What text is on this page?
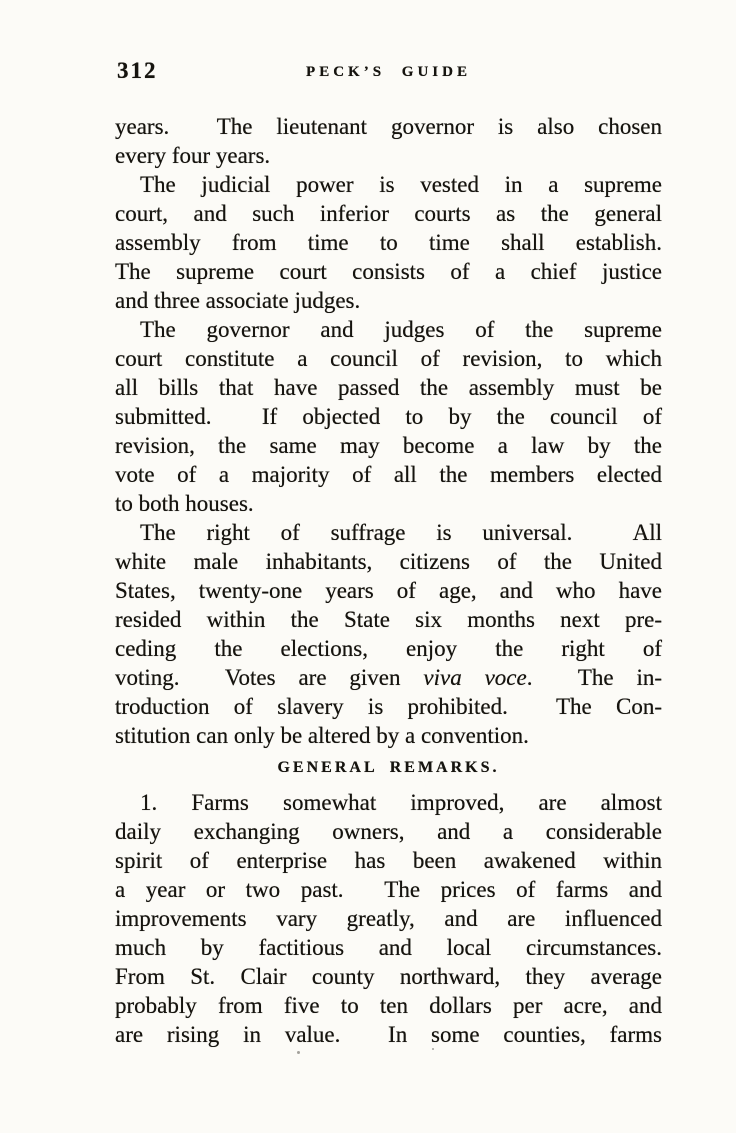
312	PECK’S GUIDE
years.  The lieutenant governor is also chosen
every four years.
The judicial power is vested in a supreme
court, and such inferior courts as the general
assembly from time to time shall establish.
The supreme court consists of a chief justice
and three associate judges.
The governor and judges of the supreme
court constitute a council of revision, to which
all bills that have passed the assembly must be
submitted.  If objected to by the council of
revision, the same may become a law by the
vote of a majority of all the members elected
to both houses.
The right of suffrage is universal.  All
white male inhabitants, citizens of the United
States, twenty-one years of age, and who have
resided within the State six months next pre-
ceding the elections, enjoy the right of
voting.  Votes are given viva voce.  The in-
troduction of slavery is prohibited.  The Con-
stitution can only be altered by a convention.
GENERAL REMARKS.
1. Farms somewhat improved, are almost
daily exchanging owners, and a considerable
spirit of enterprise has been awakened within
a year or two past.  The prices of farms and
improvements vary greatly, and are influenced
much by factitious and local circumstances.
From St. Clair county northward, they average
probably from five to ten dollars per acre, and
are rising in value.  In some counties, farms
